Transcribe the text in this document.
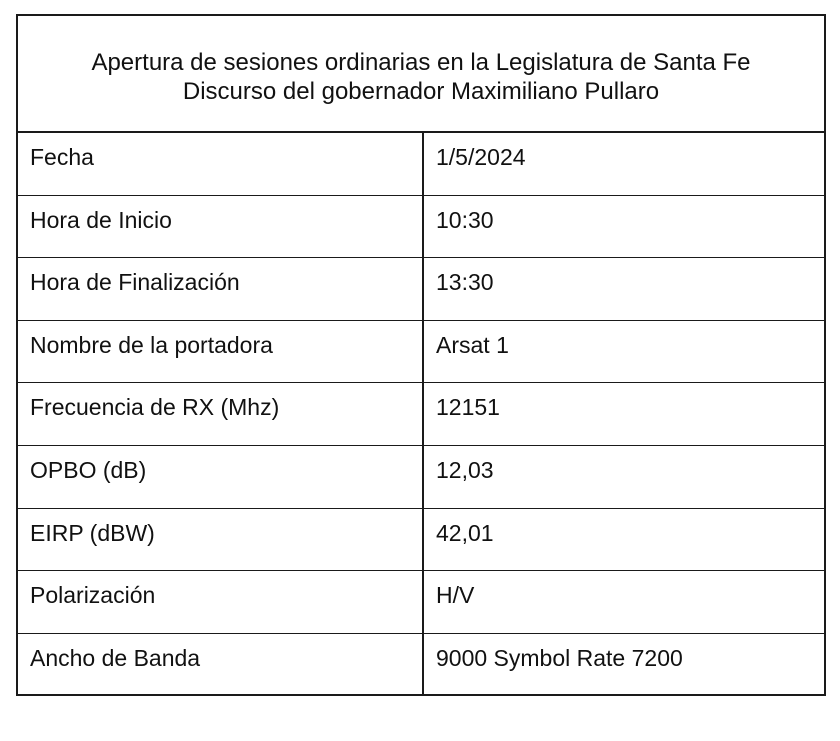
Apertura de sesiones ordinarias en la Legislatura de Santa Fe
Discurso del gobernador Maximiliano Pullaro
Fecha	1/5/2024
Hora de Inicio	10:30
Hora de Finalización	13:30
Nombre de la portadora	Arsat 1
Frecuencia de RX (Mhz)	12151
OPBO (dB)	12,03
EIRP (dBW)	42,01
Polarización	H/V
Ancho de Banda	9000 Symbol Rate 7200
